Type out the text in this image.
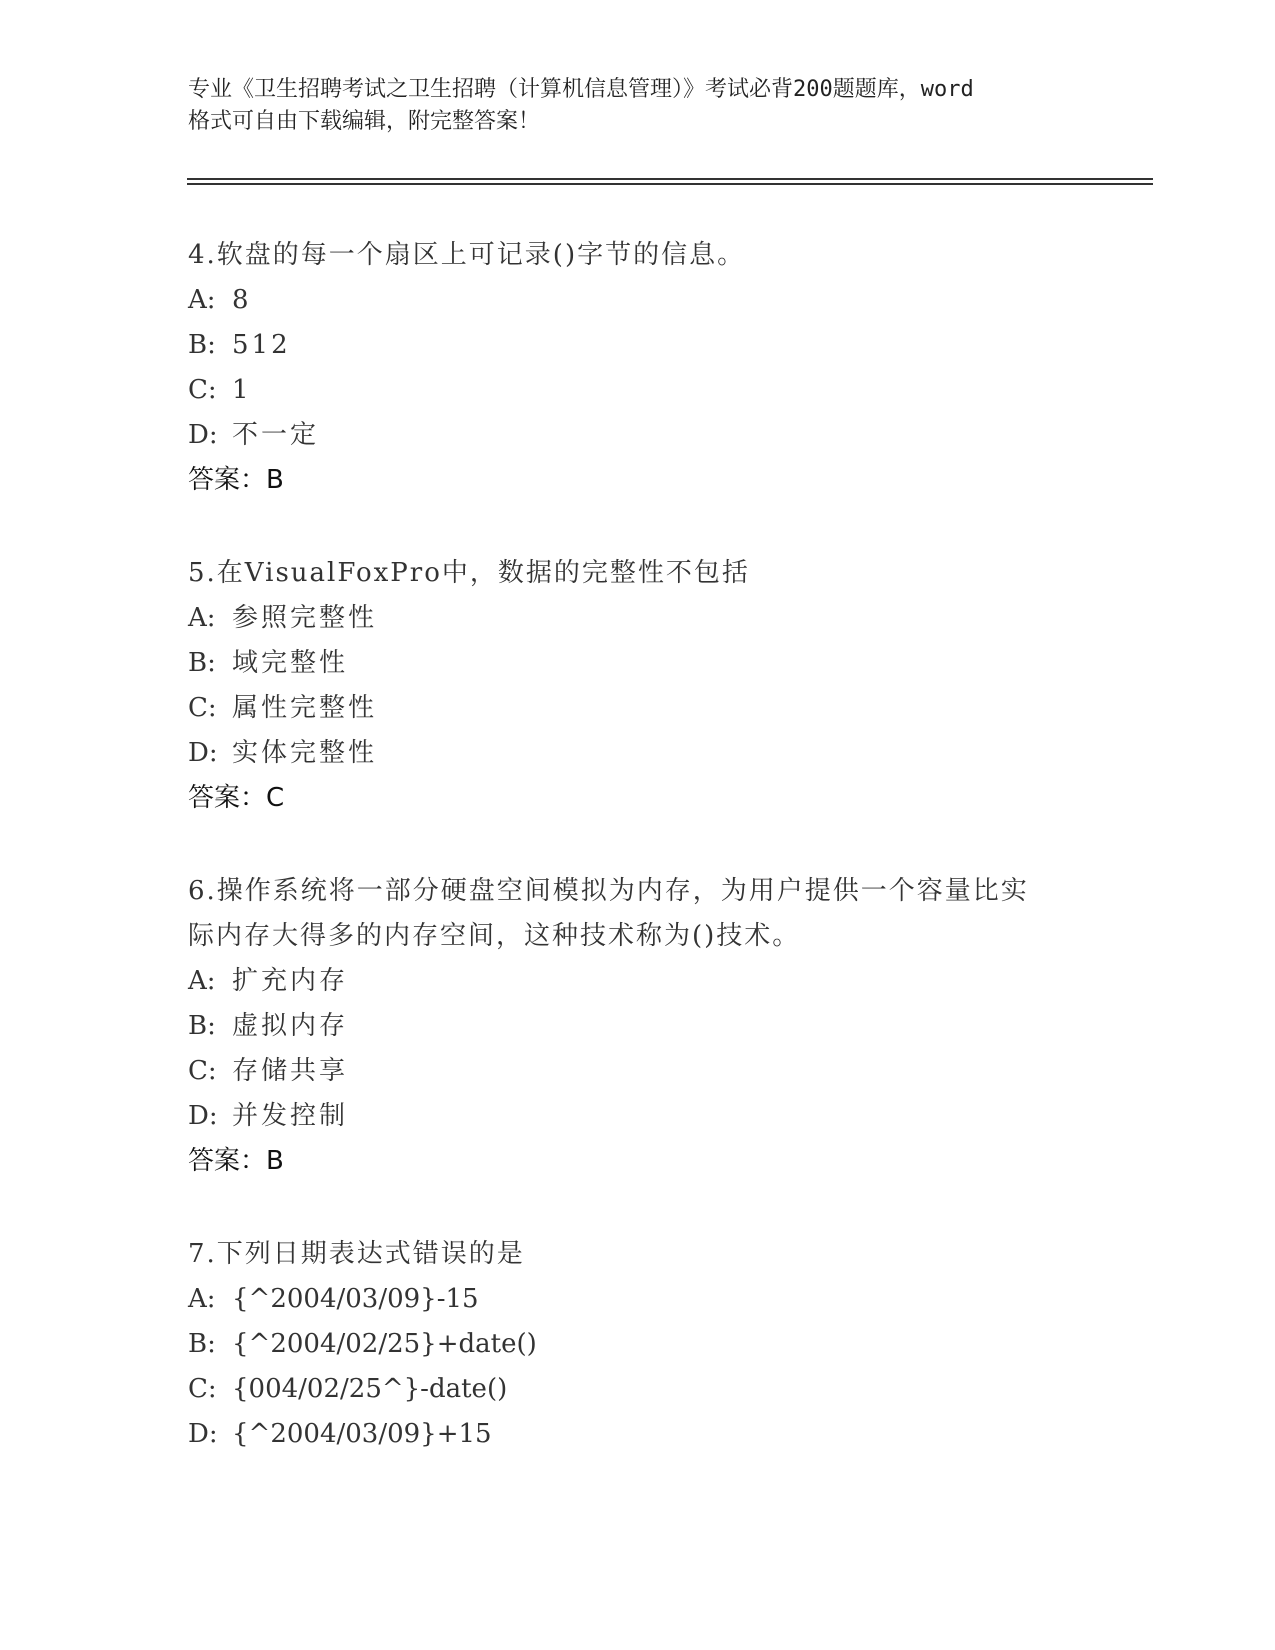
专业《卫生招聘考试之卫生招聘（计算机信息管理）》考试必背200题题库，word
格式可自由下载编辑，附完整答案！
4.软盘的每一个扇区上可记录()字节的信息。
A: 8
B: 512
C: 1
D: 不一定
答案：B
5.在VisualFoxPro中，数据的完整性不包括
A: 参照完整性
B: 域完整性
C: 属性完整性
D: 实体完整性
答案：C
6.操作系统将一部分硬盘空间模拟为内存，为用户提供一个容量比实
际内存大得多的内存空间，这种技术称为()技术。
A: 扩充内存
B: 虚拟内存
C: 存储共享
D: 并发控制
答案：B
7.下列日期表达式错误的是
A: {^2004/03/09}-15
B: {^2004/02/25}+date()
C: {004/02/25^}-date()
D: {^2004/03/09}+15
